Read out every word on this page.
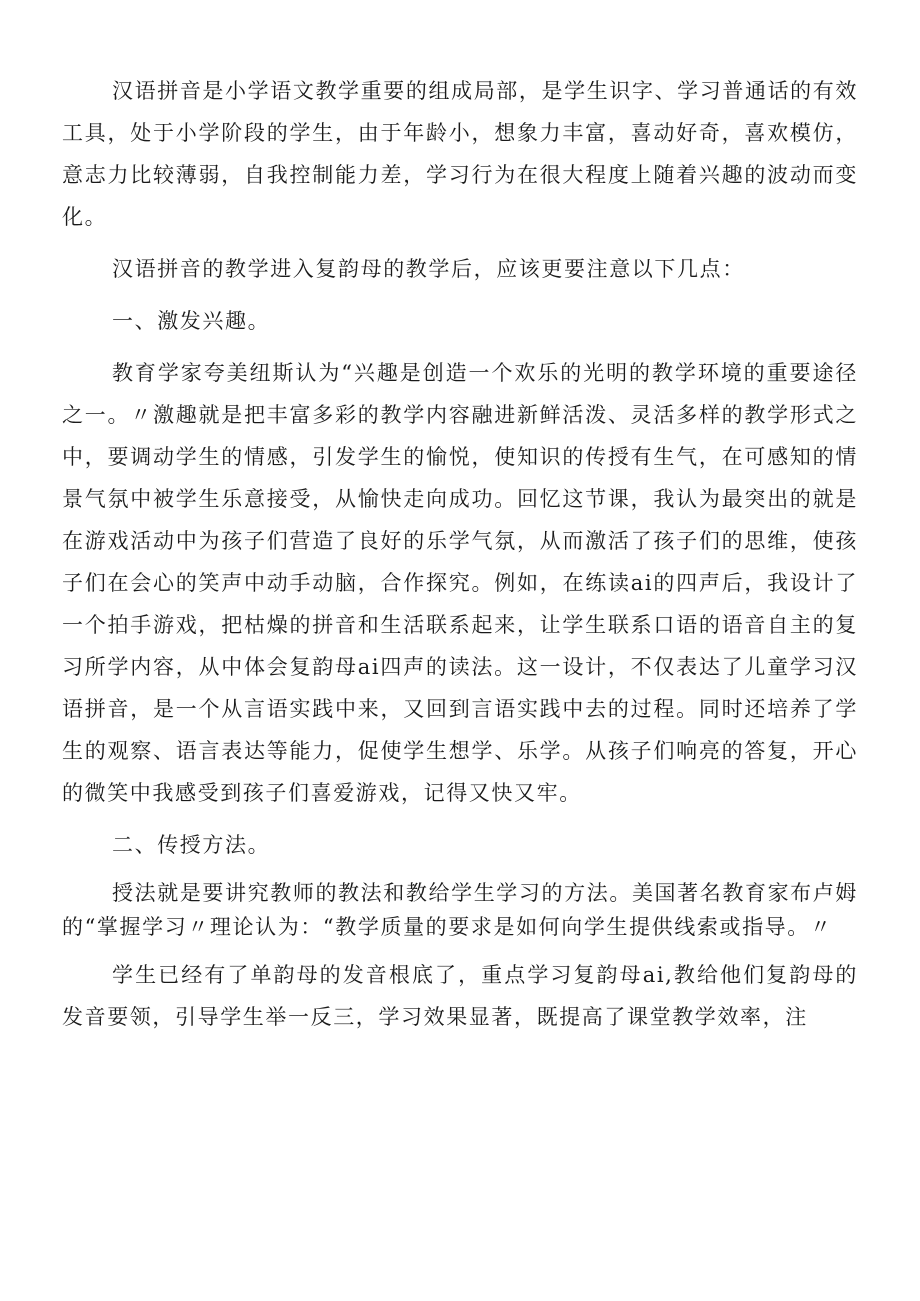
汉语拼音是小学语文教学重要的组成局部，是学生识字、学习普通话的有效工具，处于小学阶段的学生，由于年龄小，想象力丰富，喜动好奇，喜欢模仿，意志力比较薄弱，自我控制能力差，学习行为在很大程度上随着兴趣的波动而变化。

汉语拼音的教学进入复韵母的教学后，应该更要注意以下几点：

一、激发兴趣。

教育学家夸美纽斯认为“兴趣是创造一个欢乐的光明的教学环境的重要途径之一。〃激趣就是把丰富多彩的教学内容融进新鲜活泼、灵活多样的教学形式之中，要调动学生的情感，引发学生的愉悦，使知识的传授有生气，在可感知的情景气氛中被学生乐意接受，从愉快走向成功。回忆这节课，我认为最突出的就是在游戏活动中为孩子们营造了良好的乐学气氛，从而激活了孩子们的思维，使孩子们在会心的笑声中动手动脑，合作探究。例如，在练读ai的四声后，我设计了一个拍手游戏，把枯燥的拼音和生活联系起来，让学生联系口语的语音自主的复习所学内容，从中体会复韵母ai四声的读法。这一设计，不仅表达了儿童学习汉语拼音，是一个从言语实践中来，又回到言语实践中去的过程。同时还培养了学生的观察、语言表达等能力，促使学生想学、乐学。从孩子们响亮的答复，开心的微笑中我感受到孩子们喜爱游戏，记得又快又牢。

二、传授方法。

授法就是要讲究教师的教法和教给学生学习的方法。美国著名教育家布卢姆的“掌握学习〃理论认为：“教学质量的要求是如何向学生提供线索或指导。〃

学生已经有了单韵母的发音根底了，重点学习复韵母ai,教给他们复韵母的发音要领，引导学生举一反三，学习效果显著，既提高了课堂教学效率，注
